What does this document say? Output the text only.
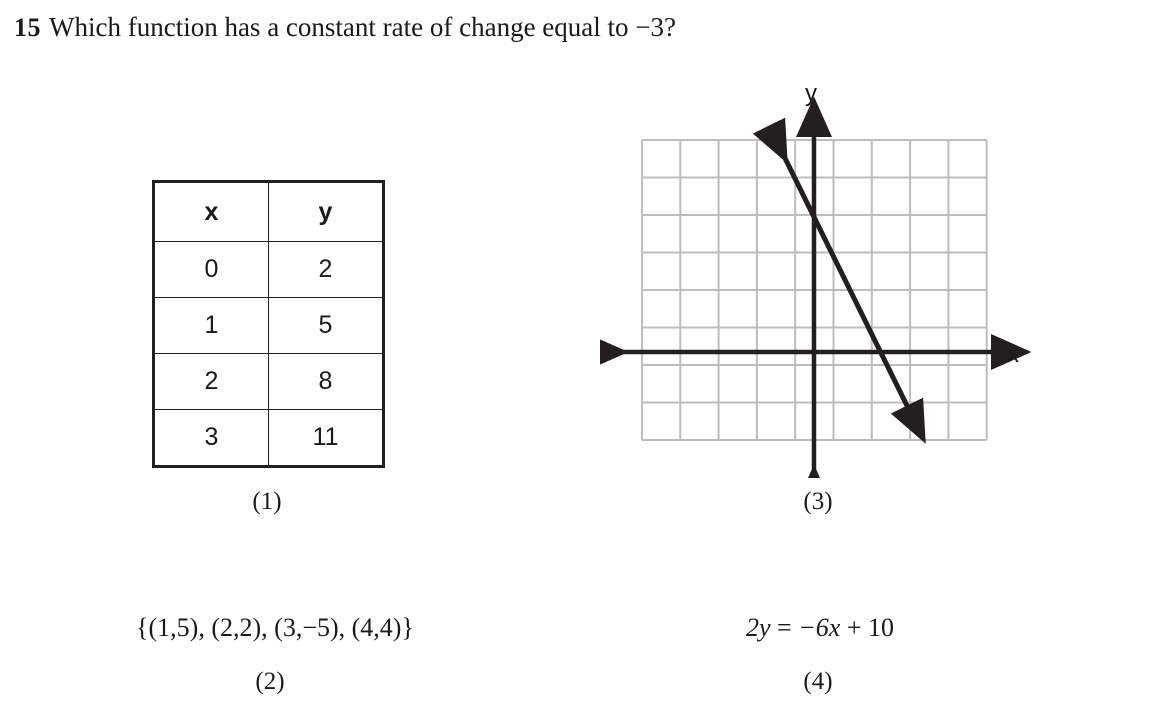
15 Which function has a constant rate of change equal to −3?
x	y
0	2
1	5
2	8
3	11
(1)
{(1,5), (2,2), (3,−5), (4,4)}
(2)
y
x
(3)
2y = −6x + 10
(4)
